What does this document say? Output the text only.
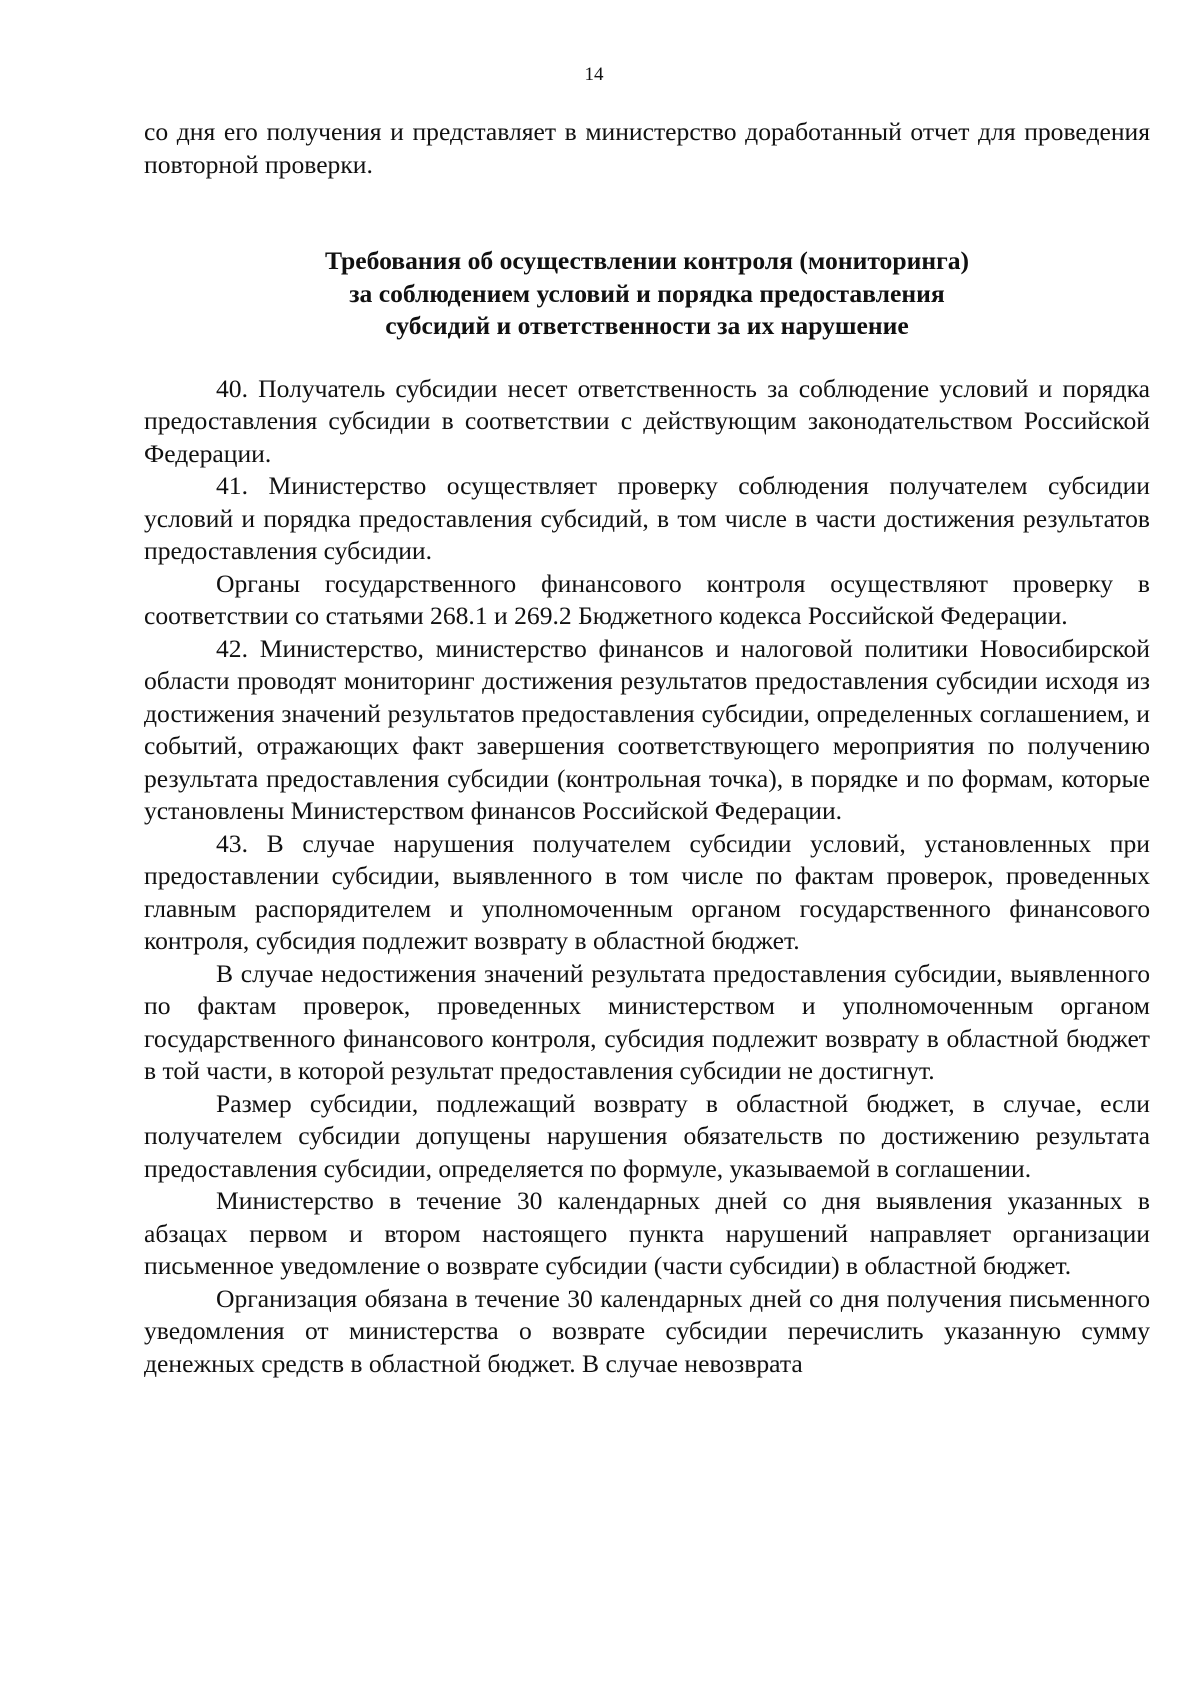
14

со дня его получения и представляет в министерство доработанный отчет для проведения повторной проверки.

Требования об осуществлении контроля (мониторинга)
за соблюдением условий и порядка предоставления
субсидий и ответственности за их нарушение

40. Получатель субсидии несет ответственность за соблюдение условий и порядка предоставления субсидии в соответствии с действующим законодательством Российской Федерации.

41. Министерство осуществляет проверку соблюдения получателем субсидии условий и порядка предоставления субсидий, в том числе в части достижения результатов предоставления субсидии.

Органы государственного финансового контроля осуществляют проверку в соответствии со статьями 268.1 и 269.2 Бюджетного кодекса Российской Федерации.

42. Министерство, министерство финансов и налоговой политики Новосибирской области проводят мониторинг достижения результатов предоставления субсидии исходя из достижения значений результатов предоставления субсидии, определенных соглашением, и событий, отражающих факт завершения соответствующего мероприятия по получению результата предоставления субсидии (контрольная точка), в порядке и по формам, которые установлены Министерством финансов Российской Федерации.

43. В случае нарушения получателем субсидии условий, установленных при предоставлении субсидии, выявленного в том числе по фактам проверок, проведенных главным распорядителем и уполномоченным органом государственного финансового контроля, субсидия подлежит возврату в областной бюджет.

В случае недостижения значений результата предоставления субсидии, выявленного по фактам проверок, проведенных министерством и уполномоченным органом государственного финансового контроля, субсидия подлежит возврату в областной бюджет в той части, в которой результат предоставления субсидии не достигнут.

Размер субсидии, подлежащий возврату в областной бюджет, в случае, если получателем субсидии допущены нарушения обязательств по достижению результата предоставления субсидии, определяется по формуле, указываемой в соглашении.

Министерство в течение 30 календарных дней со дня выявления указанных в абзацах первом и втором настоящего пункта нарушений направляет организации письменное уведомление о возврате субсидии (части субсидии) в областной бюджет.

Организация обязана в течение 30 календарных дней со дня получения письменного уведомления от министерства о возврате субсидии перечислить указанную сумму денежных средств в областной бюджет. В случае невозврата
